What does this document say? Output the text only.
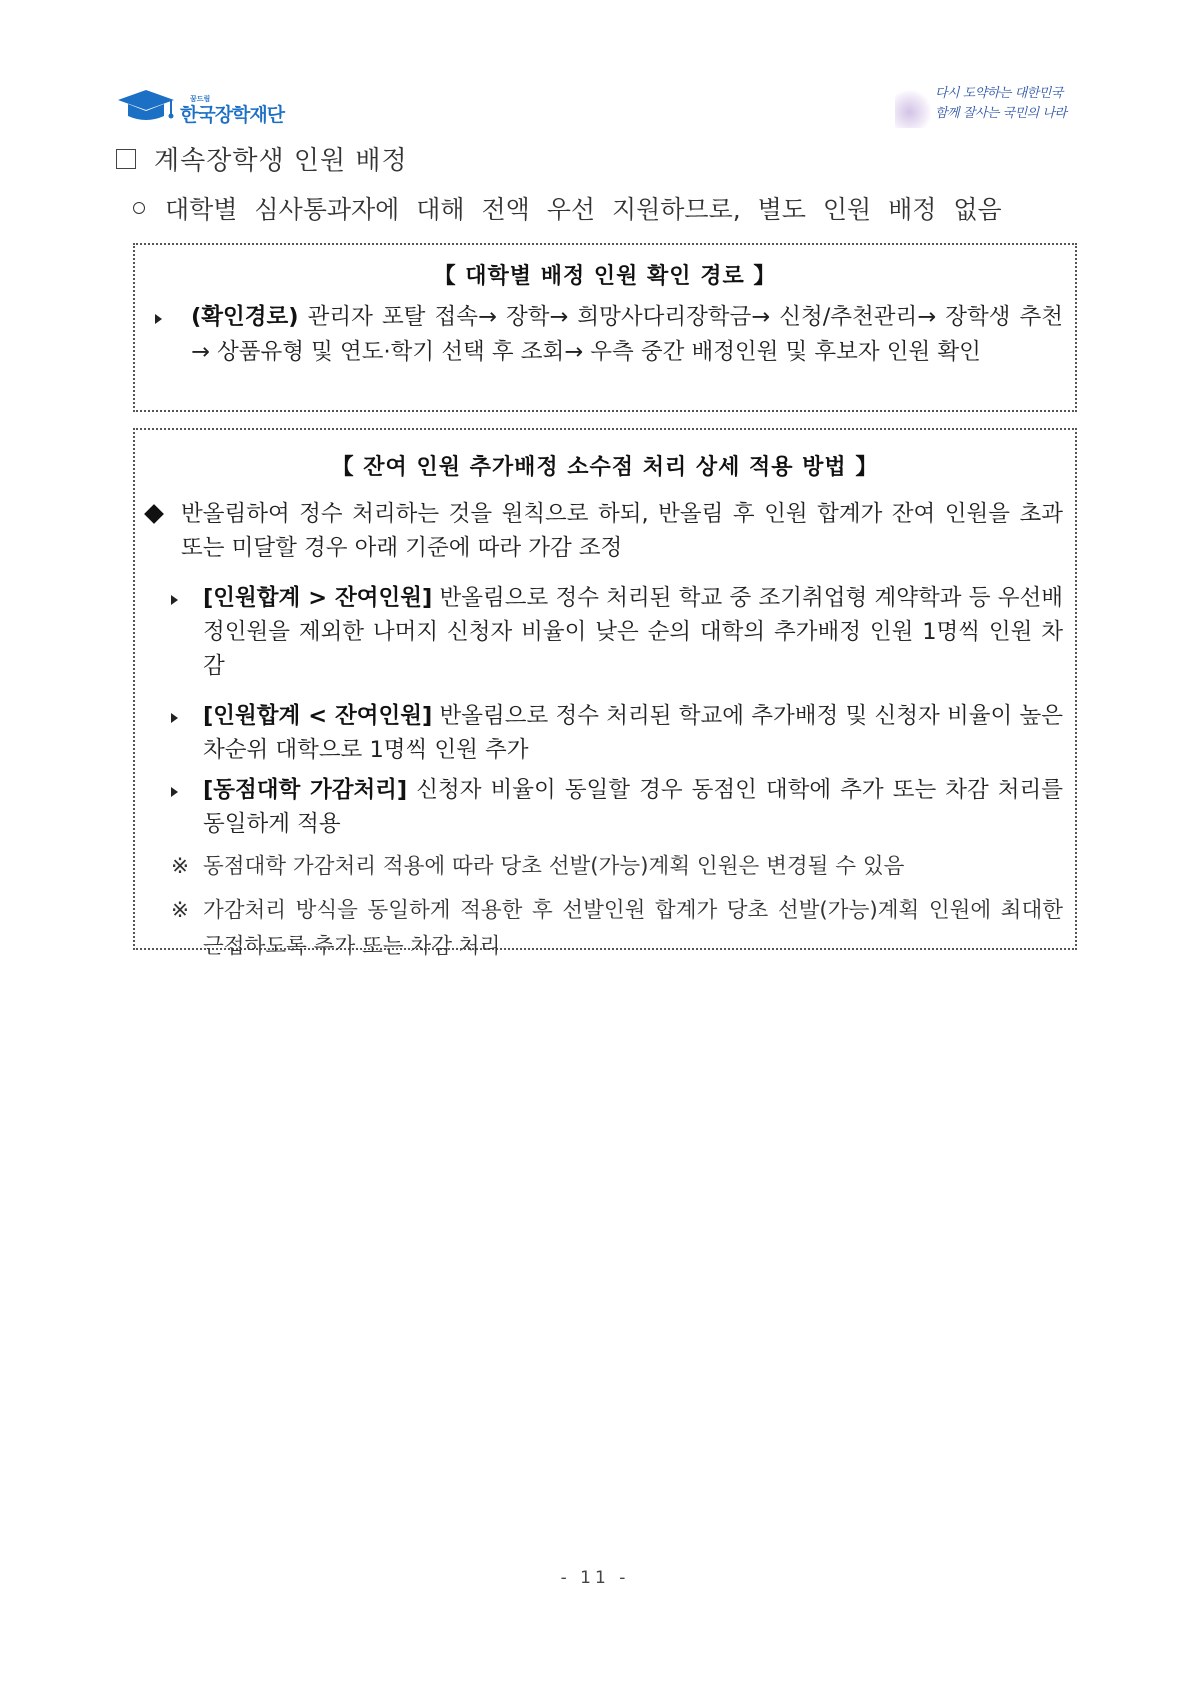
꿈드림
한국장학재단
다시 도약하는 대한민국
함께 잘사는 국민의 나라
계속장학생 인원 배정
대학별 심사통과자에 대해 전액 우선 지원하므로, 별도 인원 배정 없음
【 대학별 배정 인원 확인 경로 】
(확인경로) 관리자 포탈 접속→ 장학→ 희망사다리장학금→ 신청/추천관리→ 장학생 추천→ 상품유형 및 연도·학기 선택 후 조회→ 우측 중간 배정인원 및 후보자 인원 확인
【 잔여 인원 추가배정 소수점 처리 상세 적용 방법 】
반올림하여 정수 처리하는 것을 원칙으로 하되, 반올림 후 인원 합계가 잔여 인원을 초과 또는 미달할 경우 아래 기준에 따라 가감 조정
[인원합계 > 잔여인원] 반올림으로 정수 처리된 학교 중 조기취업형 계약학과 등 우선배정인원을 제외한 나머지 신청자 비율이 낮은 순의 대학의 추가배정 인원 1명씩 인원 차감
[인원합계 < 잔여인원] 반올림으로 정수 처리된 학교에 추가배정 및 신청자 비율이 높은 차순위 대학으로 1명씩 인원 추가
[동점대학 가감처리] 신청자 비율이 동일할 경우 동점인 대학에 추가 또는 차감 처리를 동일하게 적용
※ 동점대학 가감처리 적용에 따라 당초 선발(가능)계획 인원은 변경될 수 있음
※ 가감처리 방식을 동일하게 적용한 후 선발인원 합계가 당초 선발(가능)계획 인원에 최대한 근접하도록 추가 또는 차감 처리
- 11 -
